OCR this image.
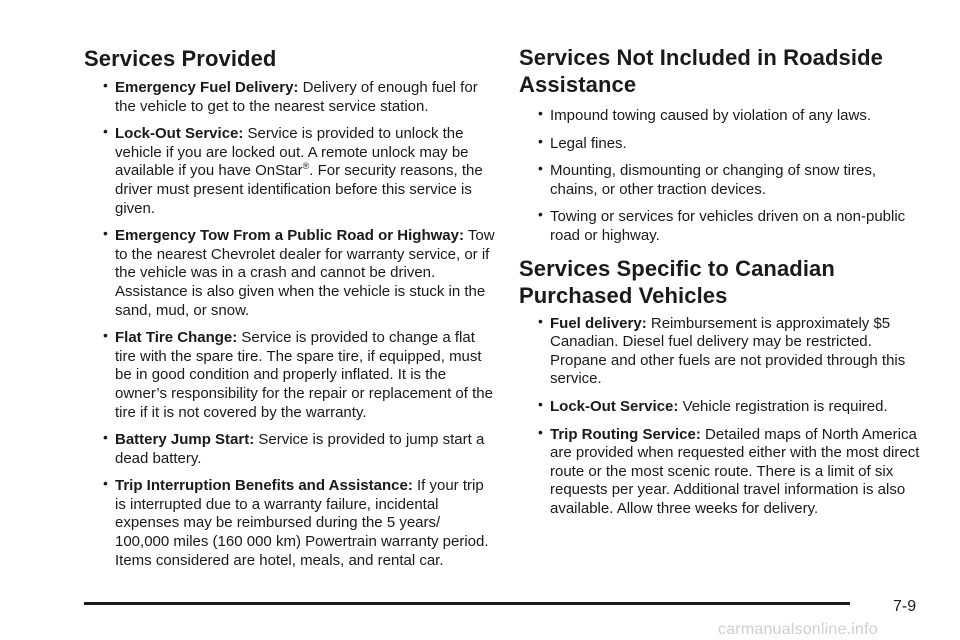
Services Provided
• Emergency Fuel Delivery: Delivery of enough fuel for the vehicle to get to the nearest service station.
• Lock-Out Service: Service is provided to unlock the vehicle if you are locked out. A remote unlock may be available if you have OnStar®. For security reasons, the driver must present identification before this service is given.
• Emergency Tow From a Public Road or Highway: Tow to the nearest Chevrolet dealer for warranty service, or if the vehicle was in a crash and cannot be driven. Assistance is also given when the vehicle is stuck in the sand, mud, or snow.
• Flat Tire Change: Service is provided to change a flat tire with the spare tire. The spare tire, if equipped, must be in good condition and properly inflated. It is the owner’s responsibility for the repair or replacement of the tire if it is not covered by the warranty.
• Battery Jump Start: Service is provided to jump start a dead battery.
• Trip Interruption Benefits and Assistance: If your trip is interrupted due to a warranty failure, incidental expenses may be reimbursed during the 5 years/ 100,000 miles (160 000 km) Powertrain warranty period. Items considered are hotel, meals, and rental car.
Services Not Included in Roadside Assistance
• Impound towing caused by violation of any laws.
• Legal fines.
• Mounting, dismounting or changing of snow tires, chains, or other traction devices.
• Towing or services for vehicles driven on a non-public road or highway.
Services Specific to Canadian Purchased Vehicles
• Fuel delivery: Reimbursement is approximately $5 Canadian. Diesel fuel delivery may be restricted. Propane and other fuels are not provided through this service.
• Lock-Out Service: Vehicle registration is required.
• Trip Routing Service: Detailed maps of North America are provided when requested either with the most direct route or the most scenic route. There is a limit of six requests per year. Additional travel information is also available. Allow three weeks for delivery.
7-9
carmanualsonline.info
